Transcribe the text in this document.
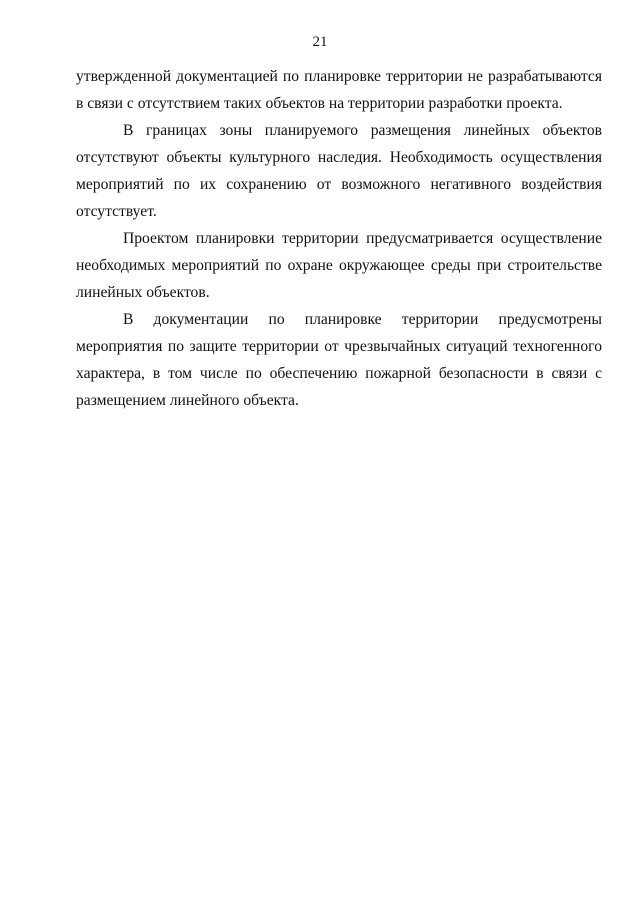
21

утвержденной документацией по планировке территории не разрабатываются в связи с отсутствием таких объектов на территории разработки проекта.

В границах зоны планируемого размещения линейных объектов отсутствуют объекты культурного наследия. Необходимость осуществления мероприятий по их сохранению от возможного негативного воздействия отсутствует.

Проектом планировки территории предусматривается осуществление необходимых мероприятий по охране окружающее среды при строительстве линейных объектов.

В документации по планировке территории предусмотрены мероприятия по защите территории от чрезвычайных ситуаций техногенного характера, в том числе по обеспечению пожарной безопасности в связи с размещением линейного объекта.
